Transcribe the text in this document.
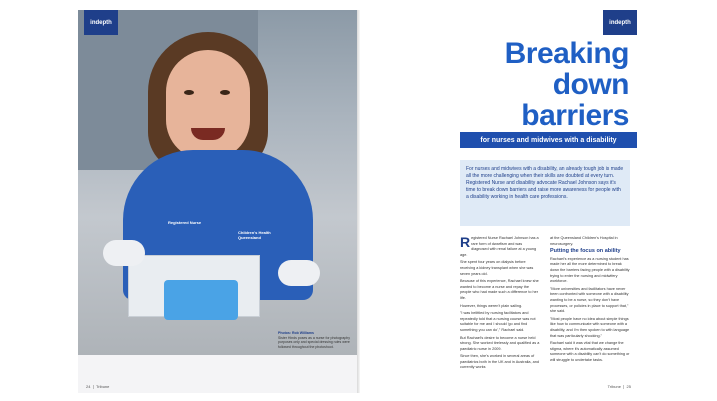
Registered Nurse
Children's Health Queensland
indepth
Photos: Rob Williams
Sister Hinds poses as a nurse for photography purposes only and special dressing rules were followed throughout the photoshoot.
24 ❘ Tribune
indepth
Breaking
down
barriers
for nurses and midwives with a disability
For nurses and midwives with a disability, an already tough job is made all the more challenging when their skills are doubted at every turn. Registered Nurse and disability advocate Rachael Johnson says it's time to break down barriers and raise more awareness for people with a disability working in health care professions.

Registered Nurse Rachael Johnson has a rare form of dwarfism and was diagnosed with renal failure at a young age.

She spent four years on dialysis before receiving a kidney transplant when she was seven years old.

Because of this experience, Rachael knew she wanted to become a nurse and repay the people who had made such a difference to her life.

However, things weren't plain sailing.

"I was belittled by nursing facilitators and repeatedly told that a nursing course was not suitable for me and I should 'go and find something you can do'," Rachael said.

But Rachael's desire to become a nurse held strong. She worked tirelessly and qualified as a paediatric nurse in 2009.

Since then, she's worked in several areas of paediatrics both in the UK and in Australia, and currently works

at the Queensland Children's Hospital in neurosurgery.

Putting the focus on ability

Rachael's experience as a nursing student has made her all the more determined to break down the barriers facing people with a disability trying to enter the nursing and midwifery workforce.

"More universities and facilitators have never been confronted with someone with a disability wanting to be a nurse, so they don't have processes, or policies in place to support that," she said.

"Most people have no idea about simple things like how to communicate with someone with a disability, and I'm then spoken to with language that was particularly shocking."

Rachael said it was vital that we change the stigma, where it's automatically assumed someone with a disability can't do something or will struggle to undertake tasks.

Tribune ❘ 25
